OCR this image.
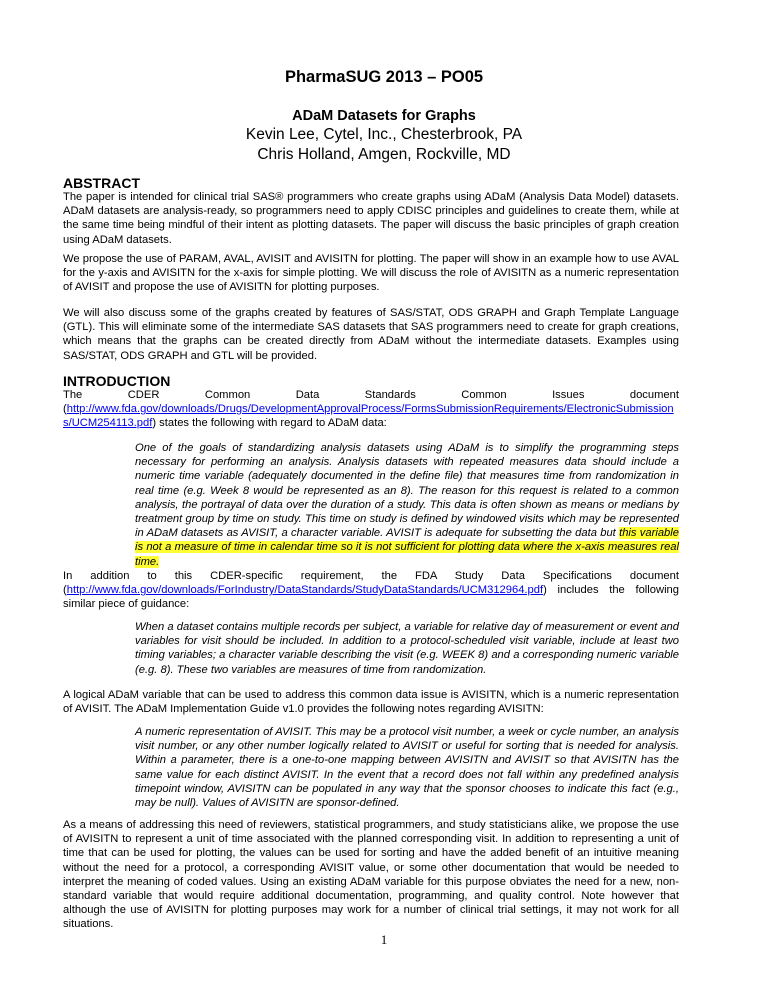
PharmaSUG 2013 – PO05

ADaM Datasets for Graphs

Kevin Lee, Cytel, Inc., Chesterbrook, PA

Chris Holland, Amgen, Rockville, MD

ABSTRACT

The paper is intended for clinical trial SAS® programmers who create graphs using ADaM (Analysis Data Model) datasets. ADaM datasets are analysis-ready, so programmers need to apply CDISC principles and guidelines to create them, while at the same time being mindful of their intent as plotting datasets. The paper will discuss the basic principles of graph creation using ADaM datasets.

We propose the use of PARAM, AVAL, AVISIT and AVISITN for plotting. The paper will show in an example how to use AVAL for the y-axis and AVISITN for the x-axis for simple plotting. We will discuss the role of AVISITN as a numeric representation of AVISIT and propose the use of AVISITN for plotting purposes.

We will also discuss some of the graphs created by features of SAS/STAT, ODS GRAPH and Graph Template Language (GTL). This will eliminate some of the intermediate SAS datasets that SAS programmers need to create for graph creations, which means that the graphs can be created directly from ADaM without the intermediate datasets. Examples using SAS/STAT, ODS GRAPH and GTL will be provided.

INTRODUCTION

The CDER Common Data Standards Common Issues document
(http://www.fda.gov/downloads/Drugs/DevelopmentApprovalProcess/FormsSubmissionRequirements/ElectronicSubmissions/UCM254113.pdf) states the following with regard to ADaM data:
One of the goals of standardizing analysis datasets using ADaM is to simplify the programming steps necessary for performing an analysis. Analysis datasets with repeated measures data should include a numeric time variable (adequately documented in the define file) that measures time from randomization in real time (e.g. Week 8 would be represented as an 8). The reason for this request is related to a common analysis, the portrayal of data over the duration of a study. This data is often shown as means or medians by treatment group by time on study. This time on study is defined by windowed visits which may be represented in ADaM datasets as AVISIT, a character variable. AVISIT is adequate for subsetting the data but this variable is not a measure of time in calendar time so it is not sufficient for plotting data where the x-axis measures real time.
In addition to this CDER-specific requirement, the FDA Study Data Specifications document
(http://www.fda.gov/downloads/ForIndustry/DataStandards/StudyDataStandards/UCM312964.pdf) includes the following similar piece of guidance:

When a dataset contains multiple records per subject, a variable for relative day of measurement or event and variables for visit should be included. In addition to a protocol-scheduled visit variable, include at least two timing variables; a character variable describing the visit (e.g. WEEK 8) and a corresponding numeric variable (e.g. 8). These two variables are measures of time from randomization.

A logical ADaM variable that can be used to address this common data issue is AVISITN, which is a numeric representation of AVISIT. The ADaM Implementation Guide v1.0 provides the following notes regarding AVISITN:

A numeric representation of AVISIT. This may be a protocol visit number, a week or cycle number, an analysis visit number, or any other number logically related to AVISIT or useful for sorting that is needed for analysis. Within a parameter, there is a one-to-one mapping between AVISITN and AVISIT so that AVISITN has the same value for each distinct AVISIT. In the event that a record does not fall within any predefined analysis timepoint window, AVISITN can be populated in any way that the sponsor chooses to indicate this fact (e.g., may be null). Values of AVISITN are sponsor-defined.

As a means of addressing this need of reviewers, statistical programmers, and study statisticians alike, we propose the use of AVISITN to represent a unit of time associated with the planned corresponding visit. In addition to representing a unit of time that can be used for plotting, the values can be used for sorting and have the added benefit of an intuitive meaning without the need for a protocol, a corresponding AVISIT value, or some other documentation that would be needed to interpret the meaning of coded values. Using an existing ADaM variable for this purpose obviates the need for a new, non-standard variable that would require additional documentation, programming, and quality control. Note however that although the use of AVISITN for plotting purposes may work for a number of clinical trial settings, it may not work for all situations.

1
